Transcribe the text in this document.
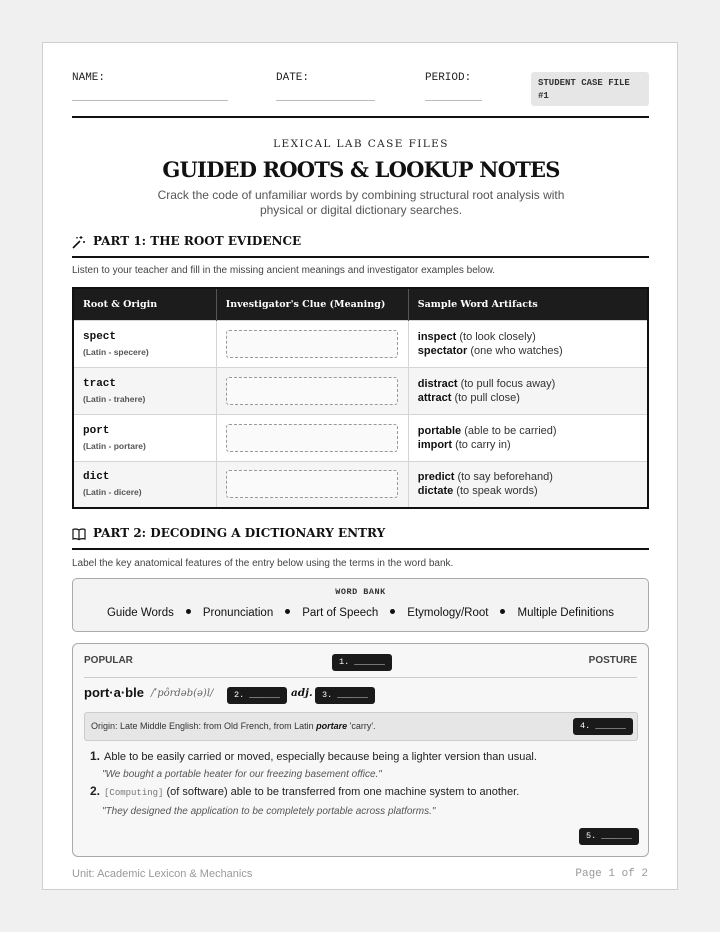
NAME:	DATE:	PERIOD:	STUDENT CASE FILE #1
LEXICAL LAB CASE FILES
GUIDED ROOTS & LOOKUP NOTES
Crack the code of unfamiliar words by combining structural root analysis with physical or digital dictionary searches.
PART 1: THE ROOT EVIDENCE
Listen to your teacher and fill in the missing ancient meanings and investigator examples below.
Root & Origin	Investigator's Clue (Meaning)	Sample Word Artifacts

spect
(Latin - specere)		inspect (to look closely)
spectator (one who watches)

tract
(Latin - trahere)		distract (to pull focus away)
attract (to pull close)

port
(Latin - portare)		portable (able to be carried)
import (to carry in)

dict
(Latin - dicere)		predict (to say beforehand)
dictate (to speak words)
PART 2: DECODING A DICTIONARY ENTRY
Label the key anatomical features of the entry below using the terms in the word bank.
WORD BANK
Guide Words	Pronunciation	Part of Speech	Etymology/Root	Multiple Definitions
POPULAR	POSTURE
1. ______
port·a·ble /ˈpôrdəb(ə)l/	2. ______	adj.	3. ______
Origin: Late Middle English: from Old French, from Latin portare 'carry'.	4. ______
1. Able to be easily carried or moved, especially because being a lighter version than usual.
"We bought a portable heater for our freezing basement office."
2. [Computing] (of software) able to be transferred from one machine system to another.
"They designed the application to be completely portable across platforms."
5. ______
Unit: Academic Lexicon & Mechanics	Page 1 of 2
